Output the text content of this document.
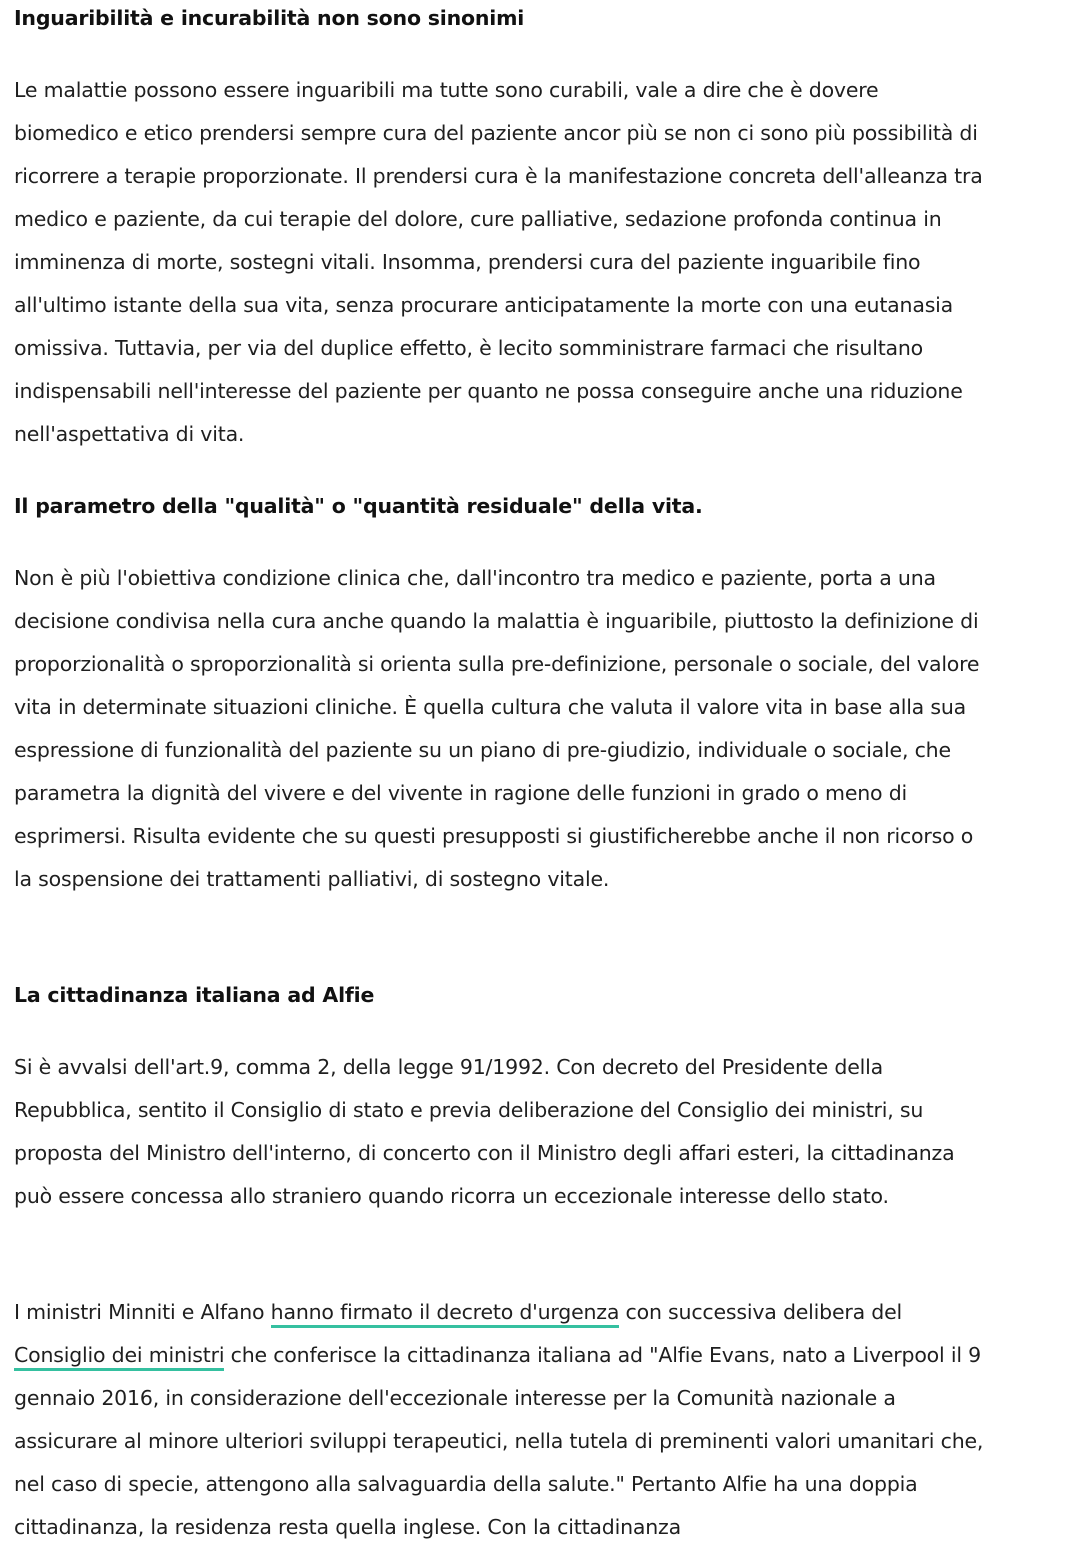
Inguaribilità e incurabilità non sono sinonimi

Le malattie possono essere inguaribili ma tutte sono curabili, vale a dire che è dovere biomedico e etico prendersi sempre cura del paziente ancor più se non ci sono più possibilità di ricorrere a terapie proporzionate. Il prendersi cura è la manifestazione concreta dell'alleanza tra medico e paziente, da cui terapie del dolore, cure palliative, sedazione profonda continua in imminenza di morte, sostegni vitali. Insomma, prendersi cura del paziente inguaribile fino all'ultimo istante della sua vita, senza procurare anticipatamente la morte con una eutanasia omissiva. Tuttavia, per via del duplice effetto, è lecito somministrare farmaci che risultano indispensabili nell'interesse del paziente per quanto ne possa conseguire anche una riduzione nell'aspettativa di vita.

Il parametro della "qualità" o "quantità residuale" della vita.

Non è più l'obiettiva condizione clinica che, dall'incontro tra medico e paziente, porta a una decisione condivisa nella cura anche quando la malattia è inguaribile, piuttosto la definizione di proporzionalità o sproporzionalità si orienta sulla pre-definizione, personale o sociale, del valore vita in determinate situazioni cliniche. È quella cultura che valuta il valore vita in base alla sua espressione di funzionalità del paziente su un piano di pre-giudizio, individuale o sociale, che parametra la dignità del vivere e del vivente in ragione delle funzioni in grado o meno di esprimersi. Risulta evidente che su questi presupposti si giustificherebbe anche il non ricorso o la sospensione dei trattamenti palliativi, di sostegno vitale.

La cittadinanza italiana ad Alfie

Si è avvalsi dell'art.9, comma 2, della legge 91/1992. Con decreto del Presidente della Repubblica, sentito il Consiglio di stato e previa deliberazione del Consiglio dei ministri, su proposta del Ministro dell'interno, di concerto con il Ministro degli affari esteri, la cittadinanza può essere concessa allo straniero quando ricorra un eccezionale interesse dello stato.

I ministri Minniti e Alfano hanno firmato il decreto d'urgenza con successiva delibera del Consiglio dei ministri che conferisce la cittadinanza italiana ad "Alfie Evans, nato a Liverpool il 9 gennaio 2016, in considerazione dell'eccezionale interesse per la Comunità nazionale a assicurare al minore ulteriori sviluppi terapeutici, nella tutela di preminenti valori umanitari che, nel caso di specie, attengono alla salvaguardia della salute." Pertanto Alfie ha una doppia cittadinanza, la residenza resta quella inglese. Con la cittadinanza
